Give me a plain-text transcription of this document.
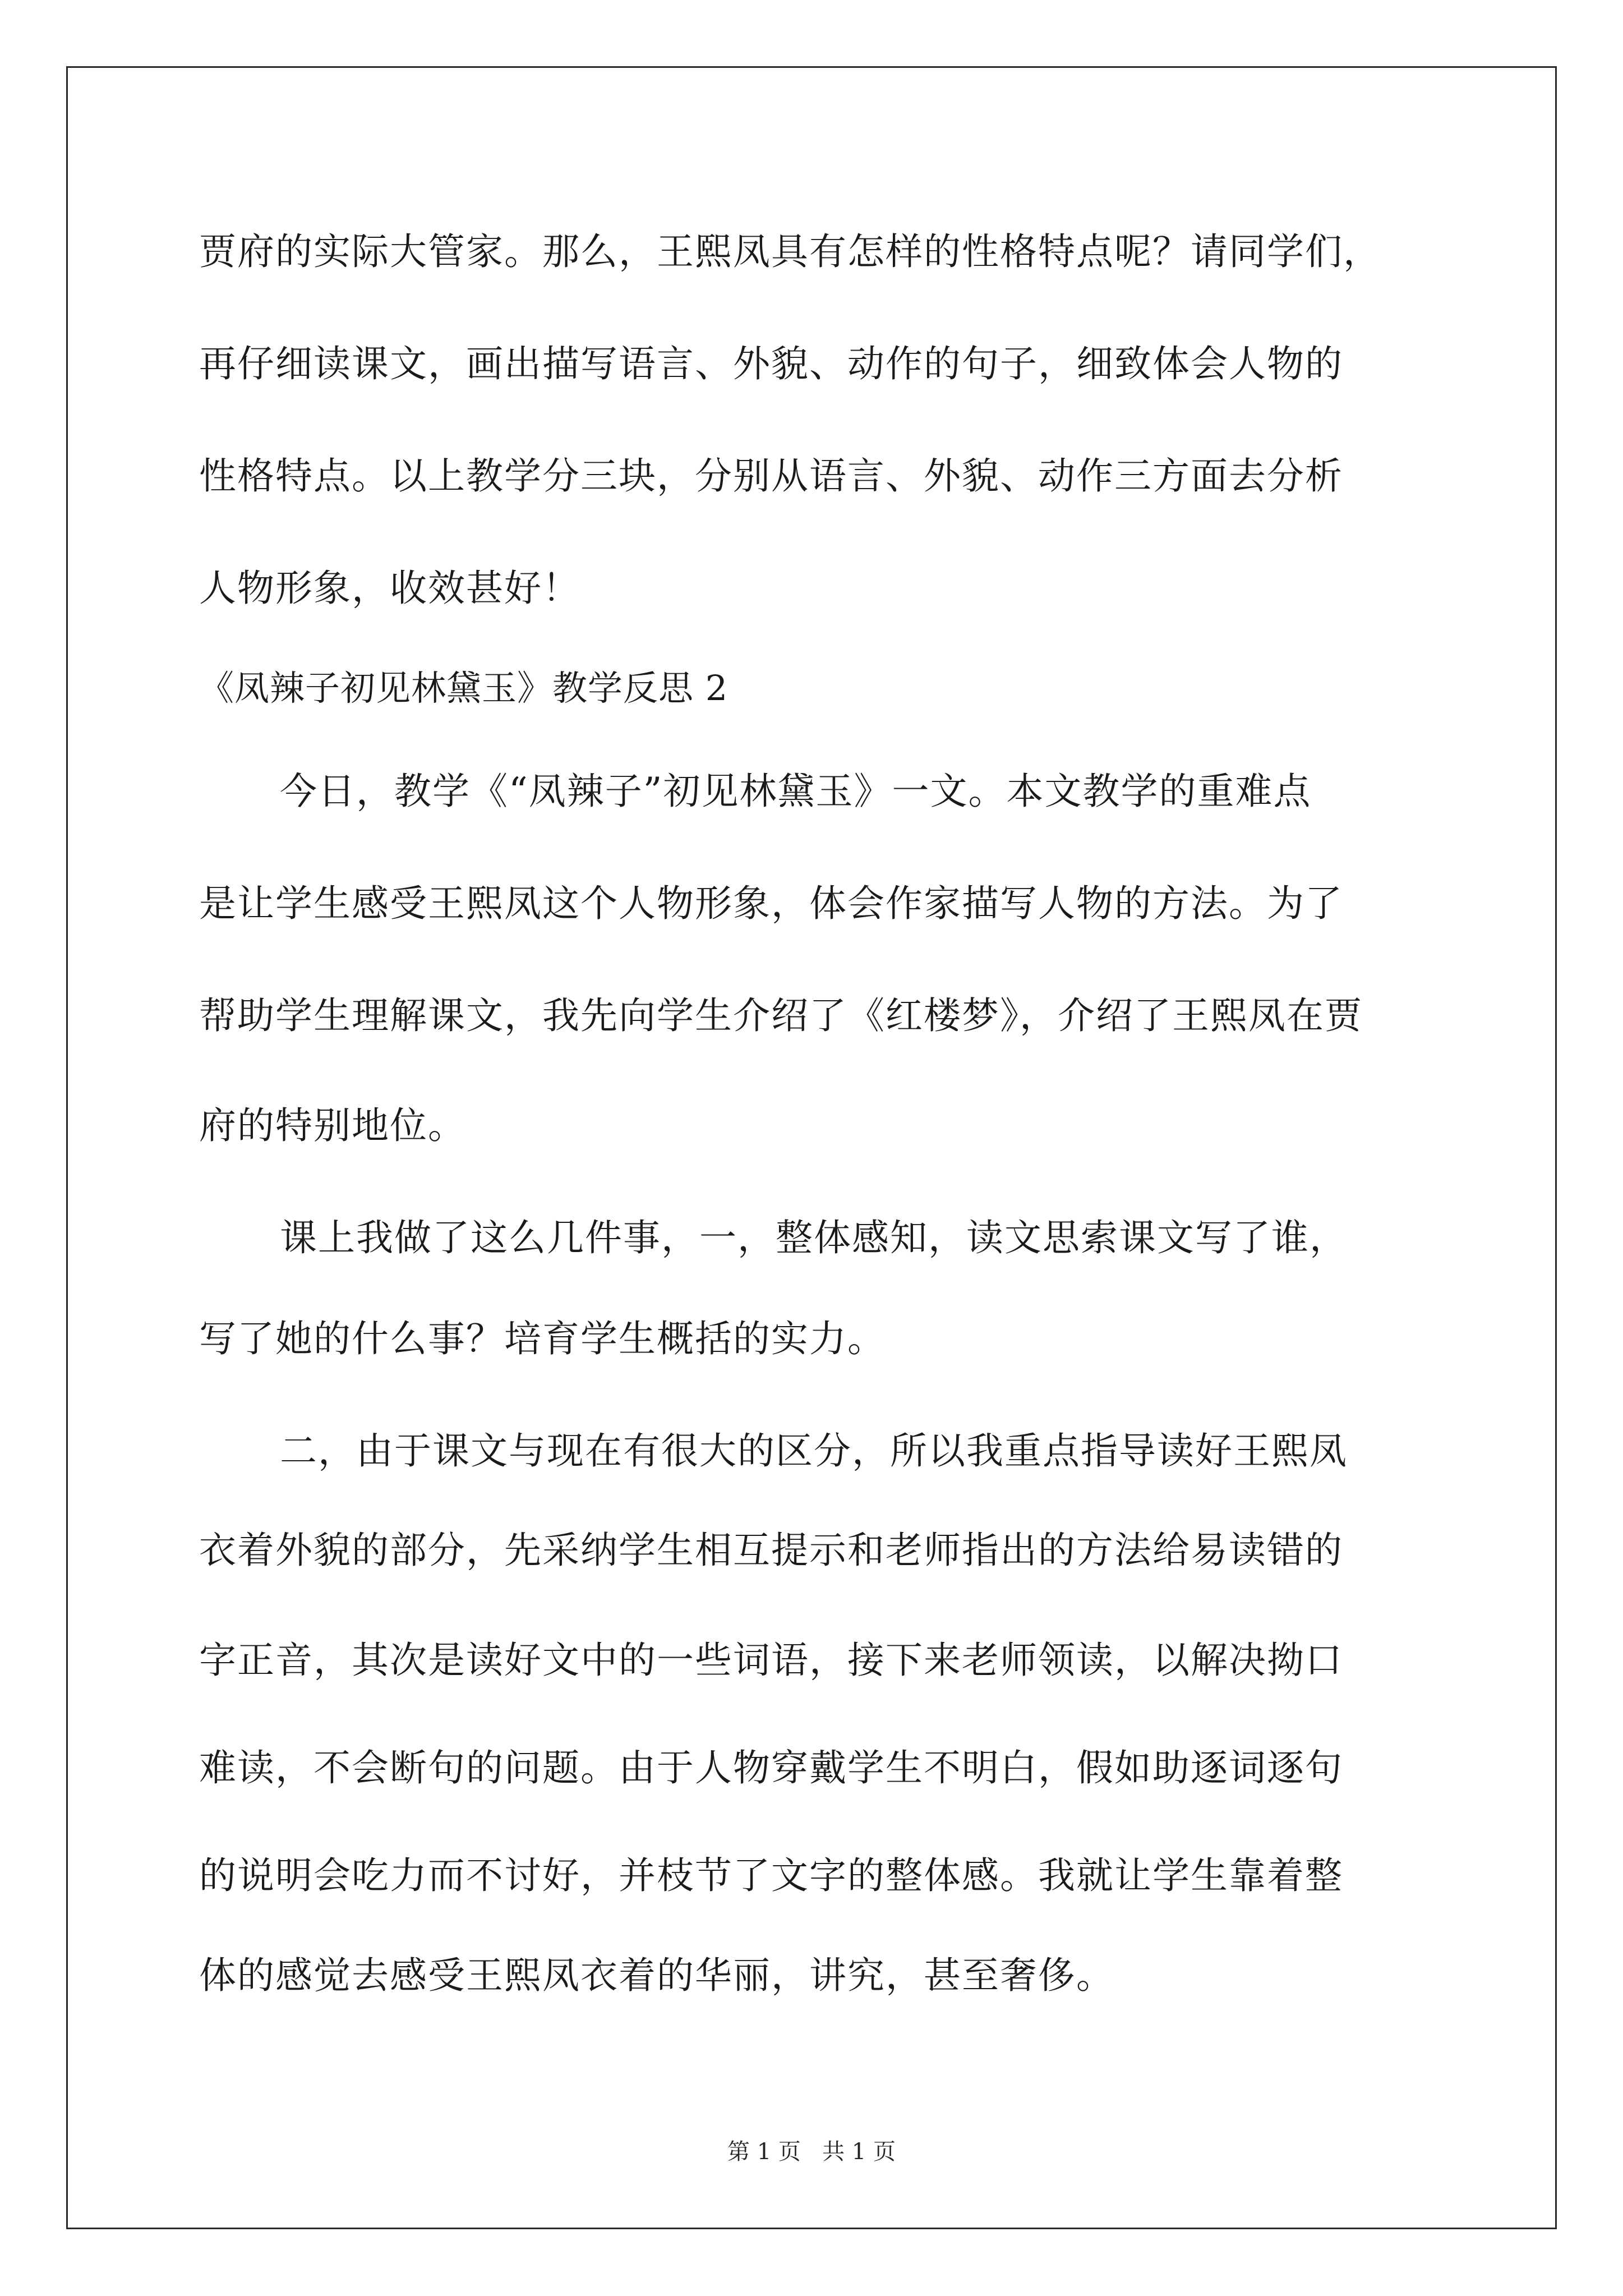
贾府的实际大管家。那么，王熙凤具有怎样的性格特点呢？请同学们，
再仔细读课文，画出描写语言、外貌、动作的句子，细致体会人物的
性格特点。以上教学分三块，分别从语言、外貌、动作三方面去分析
人物形象，收效甚好！
《凤辣子初见林黛玉》教学反思 2
今日，教学《“凤辣子”初见林黛玉》一文。本文教学的重难点
是让学生感受王熙凤这个人物形象，体会作家描写人物的方法。为了
帮助学生理解课文，我先向学生介绍了《红楼梦》，介绍了王熙凤在贾
府的特别地位。
课上我做了这么几件事，一，整体感知，读文思索课文写了谁，
写了她的什么事？培育学生概括的实力。
二，由于课文与现在有很大的区分，所以我重点指导读好王熙凤
衣着外貌的部分，先采纳学生相互提示和老师指出的方法给易读错的
字正音，其次是读好文中的一些词语，接下来老师领读，以解决拗口
难读，不会断句的问题。由于人物穿戴学生不明白，假如助逐词逐句
的说明会吃力而不讨好，并枝节了文字的整体感。我就让学生靠着整
体的感觉去感受王熙凤衣着的华丽，讲究，甚至奢侈。
第 1 页   共 1 页
